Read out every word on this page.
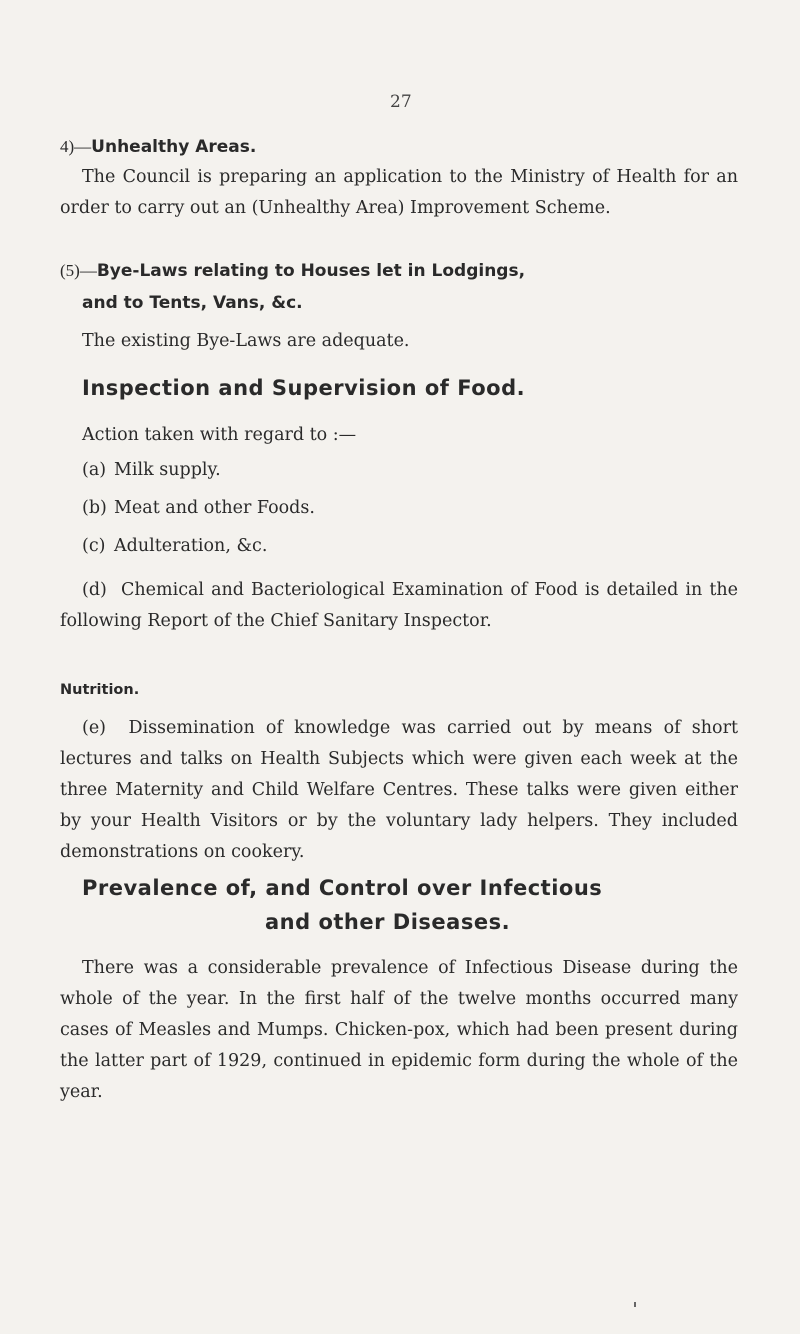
27
4)—Unhealthy Areas.
The Council is preparing an application to the Ministry of Health for an order to carry out an (Unhealthy Area) Improvement Scheme.
(5)—Bye-Laws relating to Houses let in Lodgings,
and to Tents, Vans, &c.
The existing Bye-Laws are adequate.
Inspection and Supervision of Food.
Action taken with regard to :—
(a) Milk supply.
(b) Meat and other Foods.
(c) Adulteration, &c.
(d) Chemical and Bacteriological Examination of Food is detailed in the following Report of the Chief Sanitary Inspector.
Nutrition.
(e) Dissemination of knowledge was carried out by means of short lectures and talks on Health Subjects which were given each week at the three Maternity and Child Welfare Centres. These talks were given either by your Health Visitors or by the voluntary lady helpers. They included demonstrations on cookery.
Prevalence of, and Control over Infectious
and other Diseases.
There was a considerable prevalence of Infectious Disease during the whole of the year. In the first half of the twelve months occurred many cases of Measles and Mumps. Chicken-pox, which had been present during the latter part of 1929, continued in epidemic form during the whole of the year.
